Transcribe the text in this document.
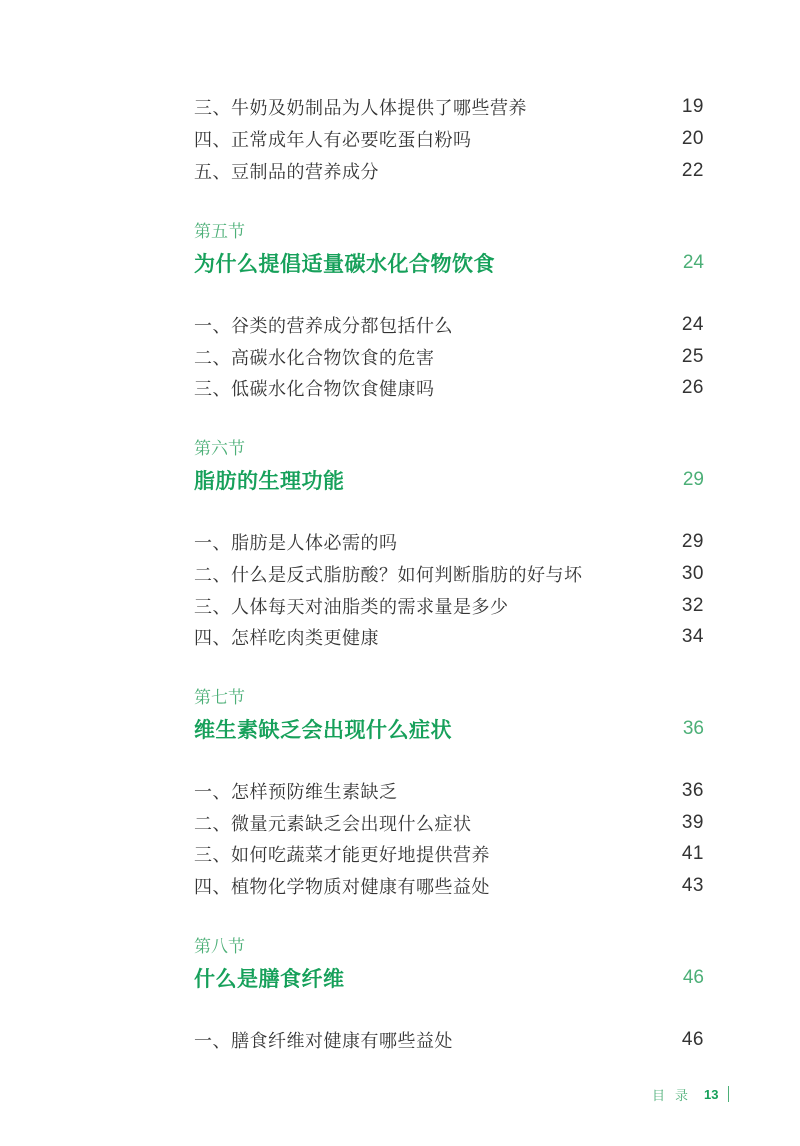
三、牛奶及奶制品为人体提供了哪些营养	19
四、正常成年人有必要吃蛋白粉吗	20
五、豆制品的营养成分	22
第五节
为什么提倡适量碳水化合物饮食	24
一、谷类的营养成分都包括什么	24
二、高碳水化合物饮食的危害	25
三、低碳水化合物饮食健康吗	26
第六节
脂肪的生理功能	29
一、脂肪是人体必需的吗	29
二、什么是反式脂肪酸？如何判断脂肪的好与坏	30
三、人体每天对油脂类的需求量是多少	32
四、怎样吃肉类更健康	34
第七节
维生素缺乏会出现什么症状	36
一、怎样预防维生素缺乏	36
二、微量元素缺乏会出现什么症状	39
三、如何吃蔬菜才能更好地提供营养	41
四、植物化学物质对健康有哪些益处	43
第八节
什么是膳食纤维	46
一、膳食纤维对健康有哪些益处	46
目录 13
